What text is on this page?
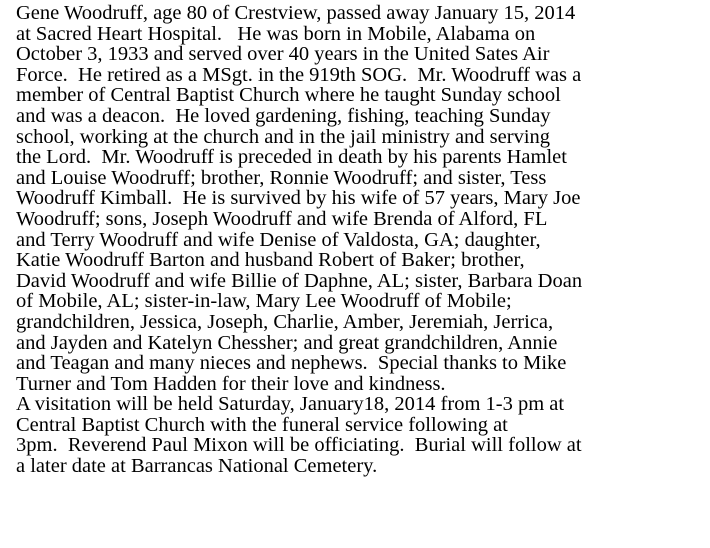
Gene Woodruff, age 80 of Crestview, passed away January 15, 2014
at Sacred Heart Hospital.   He was born in Mobile, Alabama on
October 3, 1933 and served over 40 years in the United Sates Air
Force.  He retired as a MSgt. in the 919th SOG.  Mr. Woodruff was a
member of Central Baptist Church where he taught Sunday school
and was a deacon.  He loved gardening, fishing, teaching Sunday
school, working at the church and in the jail ministry and serving
the Lord.  Mr. Woodruff is preceded in death by his parents Hamlet
and Louise Woodruff; brother, Ronnie Woodruff; and sister, Tess
Woodruff Kimball.  He is survived by his wife of 57 years, Mary Joe
Woodruff; sons, Joseph Woodruff and wife Brenda of Alford, FL
and Terry Woodruff and wife Denise of Valdosta, GA; daughter,
Katie Woodruff Barton and husband Robert of Baker; brother,
David Woodruff and wife Billie of Daphne, AL; sister, Barbara Doan
of Mobile, AL; sister-in-law, Mary Lee Woodruff of Mobile;
grandchildren, Jessica, Joseph, Charlie, Amber, Jeremiah, Jerrica,
and Jayden and Katelyn Chessher; and great grandchildren, Annie
and Teagan and many nieces and nephews.  Special thanks to Mike
Turner and Tom Hadden for their love and kindness.
A visitation will be held Saturday, January18, 2014 from 1-3 pm at
Central Baptist Church with the funeral service following at
3pm.  Reverend Paul Mixon will be officiating.  Burial will follow at
a later date at Barrancas National Cemetery.
